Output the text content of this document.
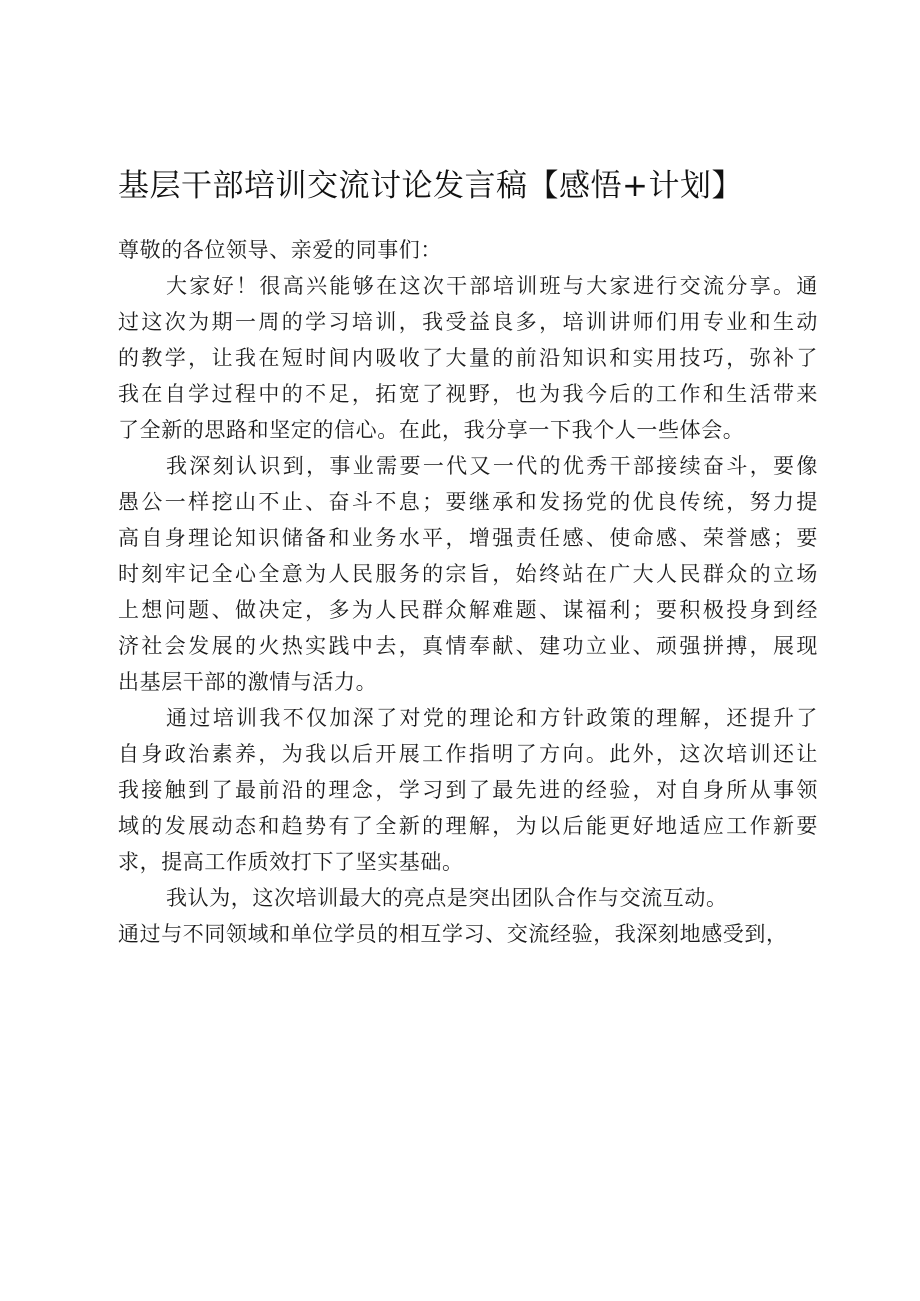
基层干部培训交流讨论发言稿【感悟+计划】

尊敬的各位领导、亲爱的同事们：

大家好！很高兴能够在这次干部培训班与大家进行交流分享。通
过这次为期一周的学习培训，我受益良多，培训讲师们用专业和生动
的教学，让我在短时间内吸收了大量的前沿知识和实用技巧，弥补了
我在自学过程中的不足，拓宽了视野，也为我今后的工作和生活带来
了全新的思路和坚定的信心。在此，我分享一下我个人一些体会。

我深刻认识到，事业需要一代又一代的优秀干部接续奋斗，要像
愚公一样挖山不止、奋斗不息；要继承和发扬党的优良传统，努力提
高自身理论知识储备和业务水平，增强责任感、使命感、荣誉感；要
时刻牢记全心全意为人民服务的宗旨，始终站在广大人民群众的立场
上想问题、做决定，多为人民群众解难题、谋福利；要积极投身到经
济社会发展的火热实践中去，真情奉献、建功立业、顽强拼搏，展现
出基层干部的激情与活力。

通过培训我不仅加深了对党的理论和方针政策的理解，还提升了
自身政治素养，为我以后开展工作指明了方向。此外，这次培训还让
我接触到了最前沿的理念，学习到了最先进的经验，对自身所从事领
域的发展动态和趋势有了全新的理解，为以后能更好地适应工作新要
求，提高工作质效打下了坚实基础。

我认为，这次培训最大的亮点是突出团队合作与交流互动。
通过与不同领域和单位学员的相互学习、交流经验，我深刻地感受到，
